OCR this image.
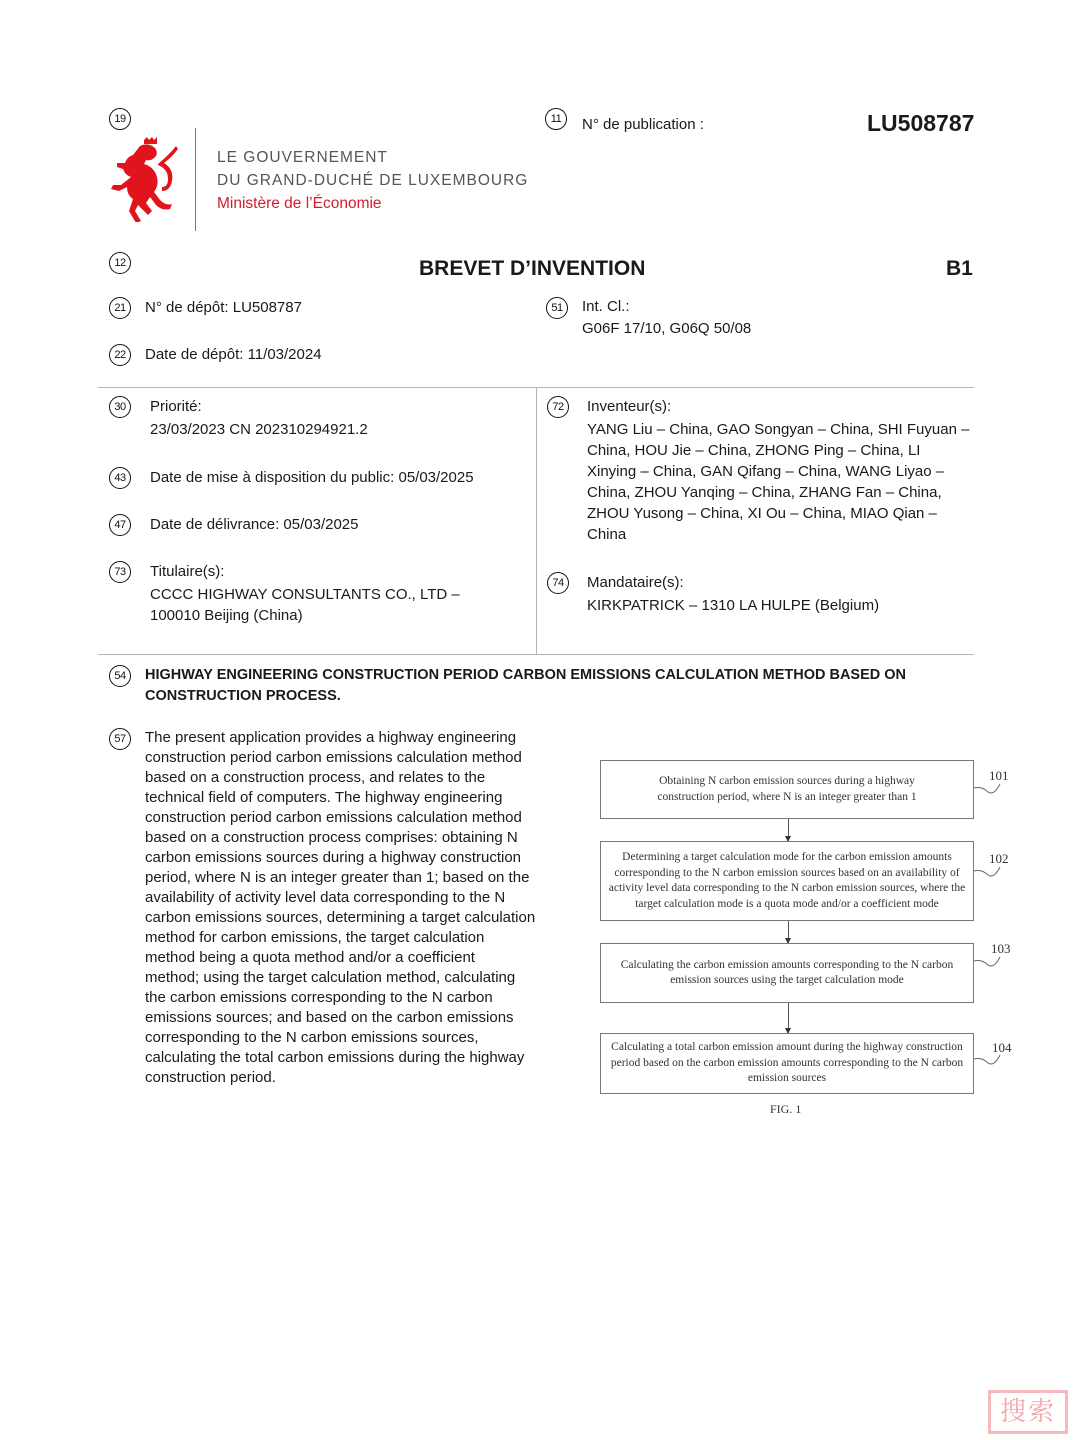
19
LE GOUVERNEMENT
DU GRAND-DUCHÉ DE LUXEMBOURG
Ministère de l’Économie
11	N° de publication :	LU508787
12	BREVET D’INVENTION	B1
21	N° de dépôt: LU508787
22	Date de dépôt: 11/03/2024
51	Int. Cl.:
G06F 17/10, G06Q 50/08
30	Priorité:
23/03/2023 CN 202310294921.2
43	Date de mise à disposition du public: 05/03/2025
47	Date de délivrance: 05/03/2025
73	Titulaire(s):
CCCC HIGHWAY CONSULTANTS CO., LTD –
100010 Beijing (China)
72	Inventeur(s):
YANG Liu – China, GAO Songyan – China, SHI Fuyuan –
China, HOU Jie – China, ZHONG Ping – China, LI
Xinying – China, GAN Qifang – China, WANG Liyao –
China, ZHOU Yanqing – China, ZHANG Fan – China,
ZHOU Yusong – China, XI Ou – China, MIAO Qian –
China
74	Mandataire(s):
KIRKPATRICK – 1310 LA HULPE (Belgium)
54	HIGHWAY ENGINEERING CONSTRUCTION PERIOD CARBON EMISSIONS CALCULATION METHOD BASED ON
CONSTRUCTION PROCESS.
57	The present application provides a highway engineering
construction period carbon emissions calculation method
based on a construction process, and relates to the
technical field of computers. The highway engineering
construction period carbon emissions calculation method
based on a construction process comprises: obtaining N
carbon emissions sources during a highway construction
period, where N is an integer greater than 1; based on the
availability of activity level data corresponding to the N
carbon emissions sources, determining a target calculation
method for carbon emissions, the target calculation
method being a quota method and/or a coefficient
method; using the target calculation method, calculating
the carbon emissions corresponding to the N carbon
emissions sources; and based on the carbon emissions
corresponding to the N carbon emissions sources,
calculating the total carbon emissions during the highway
construction period.
Obtaining N carbon emission sources during a highway construction period, where N is an integer greater than 1
101
Determining a target calculation mode for the carbon emission amounts corresponding to the N carbon emission sources based on an availability of activity level data corresponding to the N carbon emission sources, where the target calculation mode is a quota mode and/or a coefficient mode
102
Calculating the carbon emission amounts corresponding to the N carbon emission sources using the target calculation mode
103
Calculating a total carbon emission amount during the highway construction period based on the carbon emission amounts corresponding to the N carbon emission sources
104
FIG. 1
搜索
